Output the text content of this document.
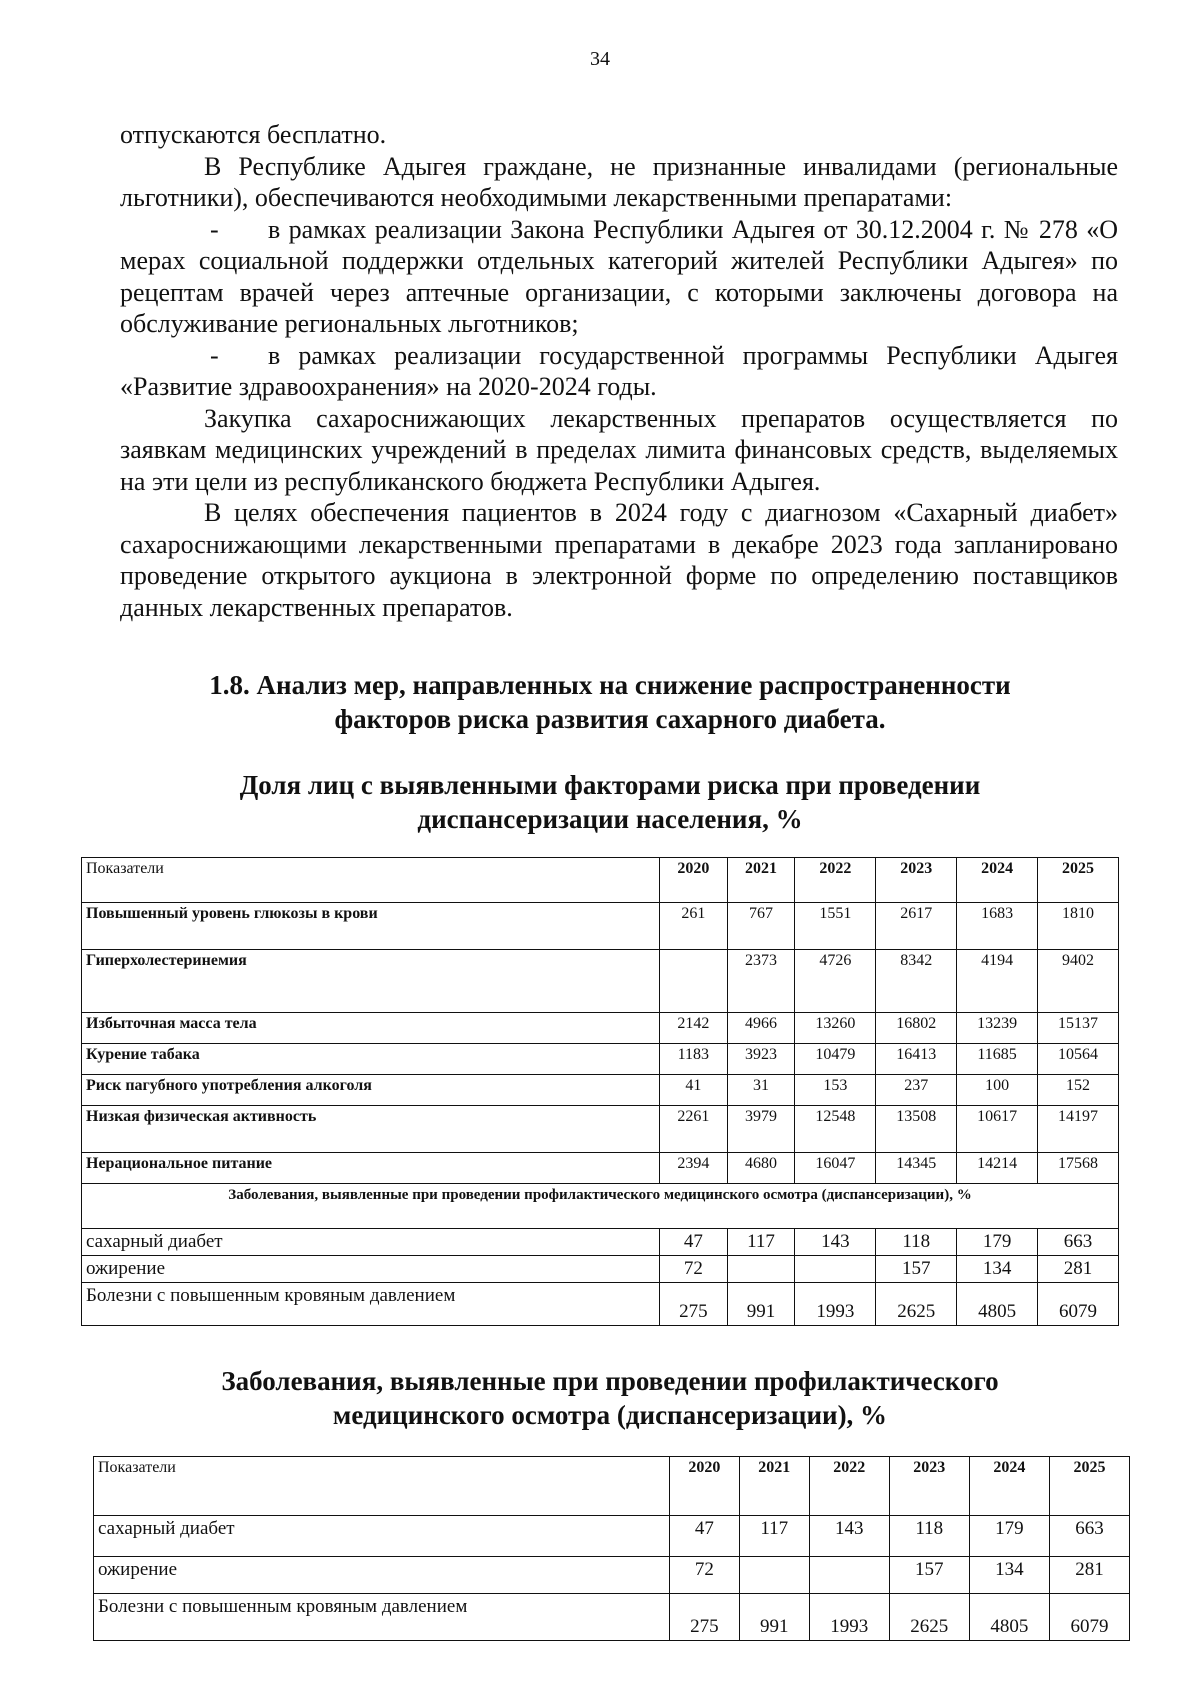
34

отпускаются бесплатно.

В Республике Адыгея граждане, не признанные инвалидами (региональные льготники), обеспечиваются необходимыми лекарственными препаратами:

- в рамках реализации Закона Республики Адыгея от 30.12.2004 г. № 278 «О мерах социальной поддержки отдельных категорий жителей Республики Адыгея» по рецептам врачей через аптечные организации, с которыми заключены договора на обслуживание региональных льготников;

- в рамках реализации государственной программы Республики Адыгея «Развитие здравоохранения» на 2020-2024 годы.

Закупка сахароснижающих лекарственных препаратов осуществляется по заявкам медицинских учреждений в пределах лимита финансовых средств, выделяемых на эти цели из республиканского бюджета Республики Адыгея.

В целях обеспечения пациентов в 2024 году с диагнозом «Сахарный диабет» сахароснижающими лекарственными препаратами в декабре 2023 года запланировано проведение открытого аукциона в электронной форме по определению поставщиков данных лекарственных препаратов.

1.8. Анализ мер, направленных на снижение распространенности
факторов риска развития сахарного диабета.
Доля лиц с выявленными факторами риска при проведении
диспансеризации населения, %
Показатели	2020	2021	2022	2023	2024	2025
Повышенный уровень глюкозы в крови	261	767	1551	2617	1683	1810
Гиперхолестеринемия		2373	4726	8342	4194	9402
Избыточная масса тела	2142	4966	13260	16802	13239	15137
Курение табака	1183	3923	10479	16413	11685	10564
Риск пагубного употребления алкоголя	41	31	153	237	100	152
Низкая физическая активность	2261	3979	12548	13508	10617	14197
Нерациональное питание	2394	4680	16047	14345	14214	17568
Заболевания, выявленные при проведении профилактического медицинского осмотра (диспансеризации), %						
сахарный диабет	47	117	143	118	179	663
ожирение	72			157	134	281
Болезни с повышенным кровяным давлением	275	991	1993	2625	4805	6079
Заболевания, выявленные при проведении профилактического
медицинского осмотра (диспансеризации), %
Показатели	2020	2021	2022	2023	2024	2025
сахарный диабет	47	117	143	118	179	663
ожирение	72			157	134	281
Болезни с повышенным кровяным давлением	275	991	1993	2625	4805	6079
